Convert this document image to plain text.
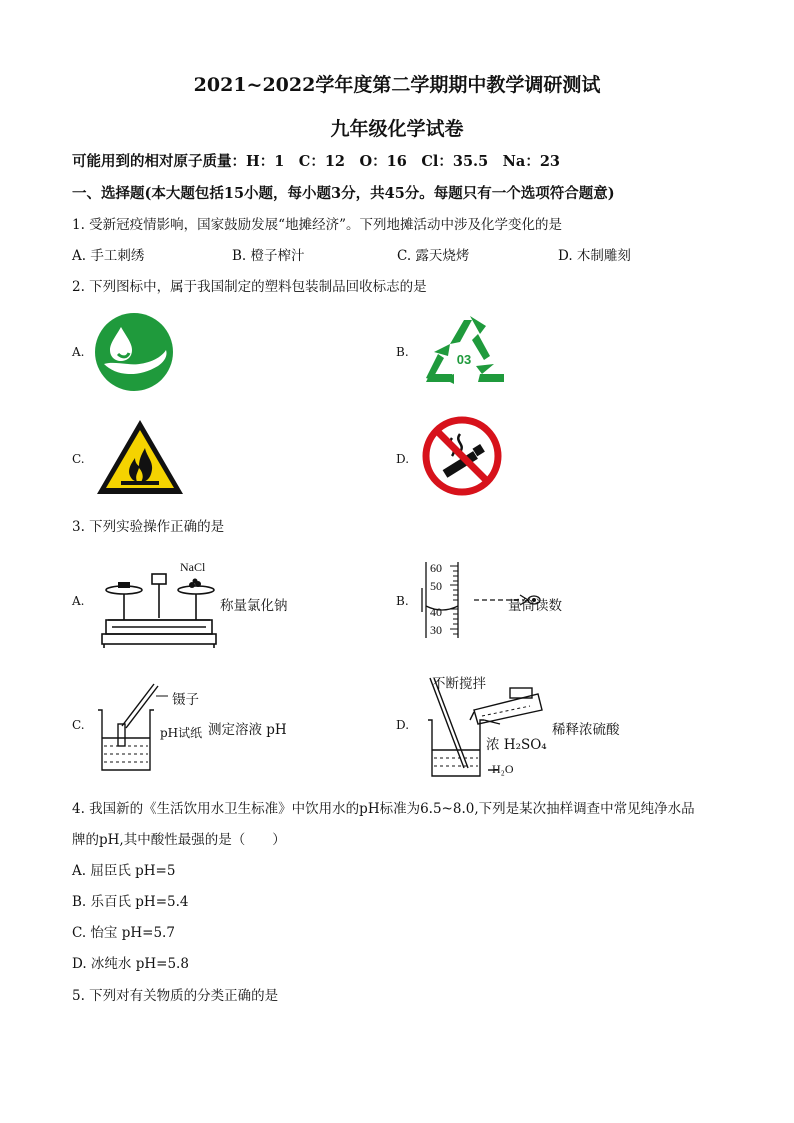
2021~2022学年度第二学期期中教学调研测试
九年级化学试卷
可能用到的相对原子质量：H：1　C：12　O：16　Cl：35.5　Na：23
一、选择题(本大题包括15小题，每小题3分，共45分。每题只有一个选项符合题意)
1. 受新冠疫情影响，国家鼓励发展“地摊经济”。下列地摊活动中涉及化学变化的是
A. 手工刺绣	B. 橙子榨汁	C. 露天烧烤	D. 木制雕刻
2. 下列图标中，属于我国制定的塑料包装制品回收标志的是
A.	B.	03
C.	D.
3. 下列实验操作正确的是
A.
NaCl
称量氯化钠	B.
60
50
40
30
量筒读数
C.
镊子
pH试纸 测定溶液 pH	D.
不断搅拌
浓 H₂SO₄
H₂O
稀释浓硫酸
4. 我国新的《生活饮用水卫生标准》中饮用水的pH标准为6.5~8.0,下列是某次抽样调查中常见纯净水品
牌的pH,其中酸性最强的是（　　）
A. 屈臣氏 pH=5
B. 乐百氏 pH=5.4
C. 怡宝 pH=5.7
D. 冰纯水 pH=5.8
5. 下列对有关物质的分类正确的是
